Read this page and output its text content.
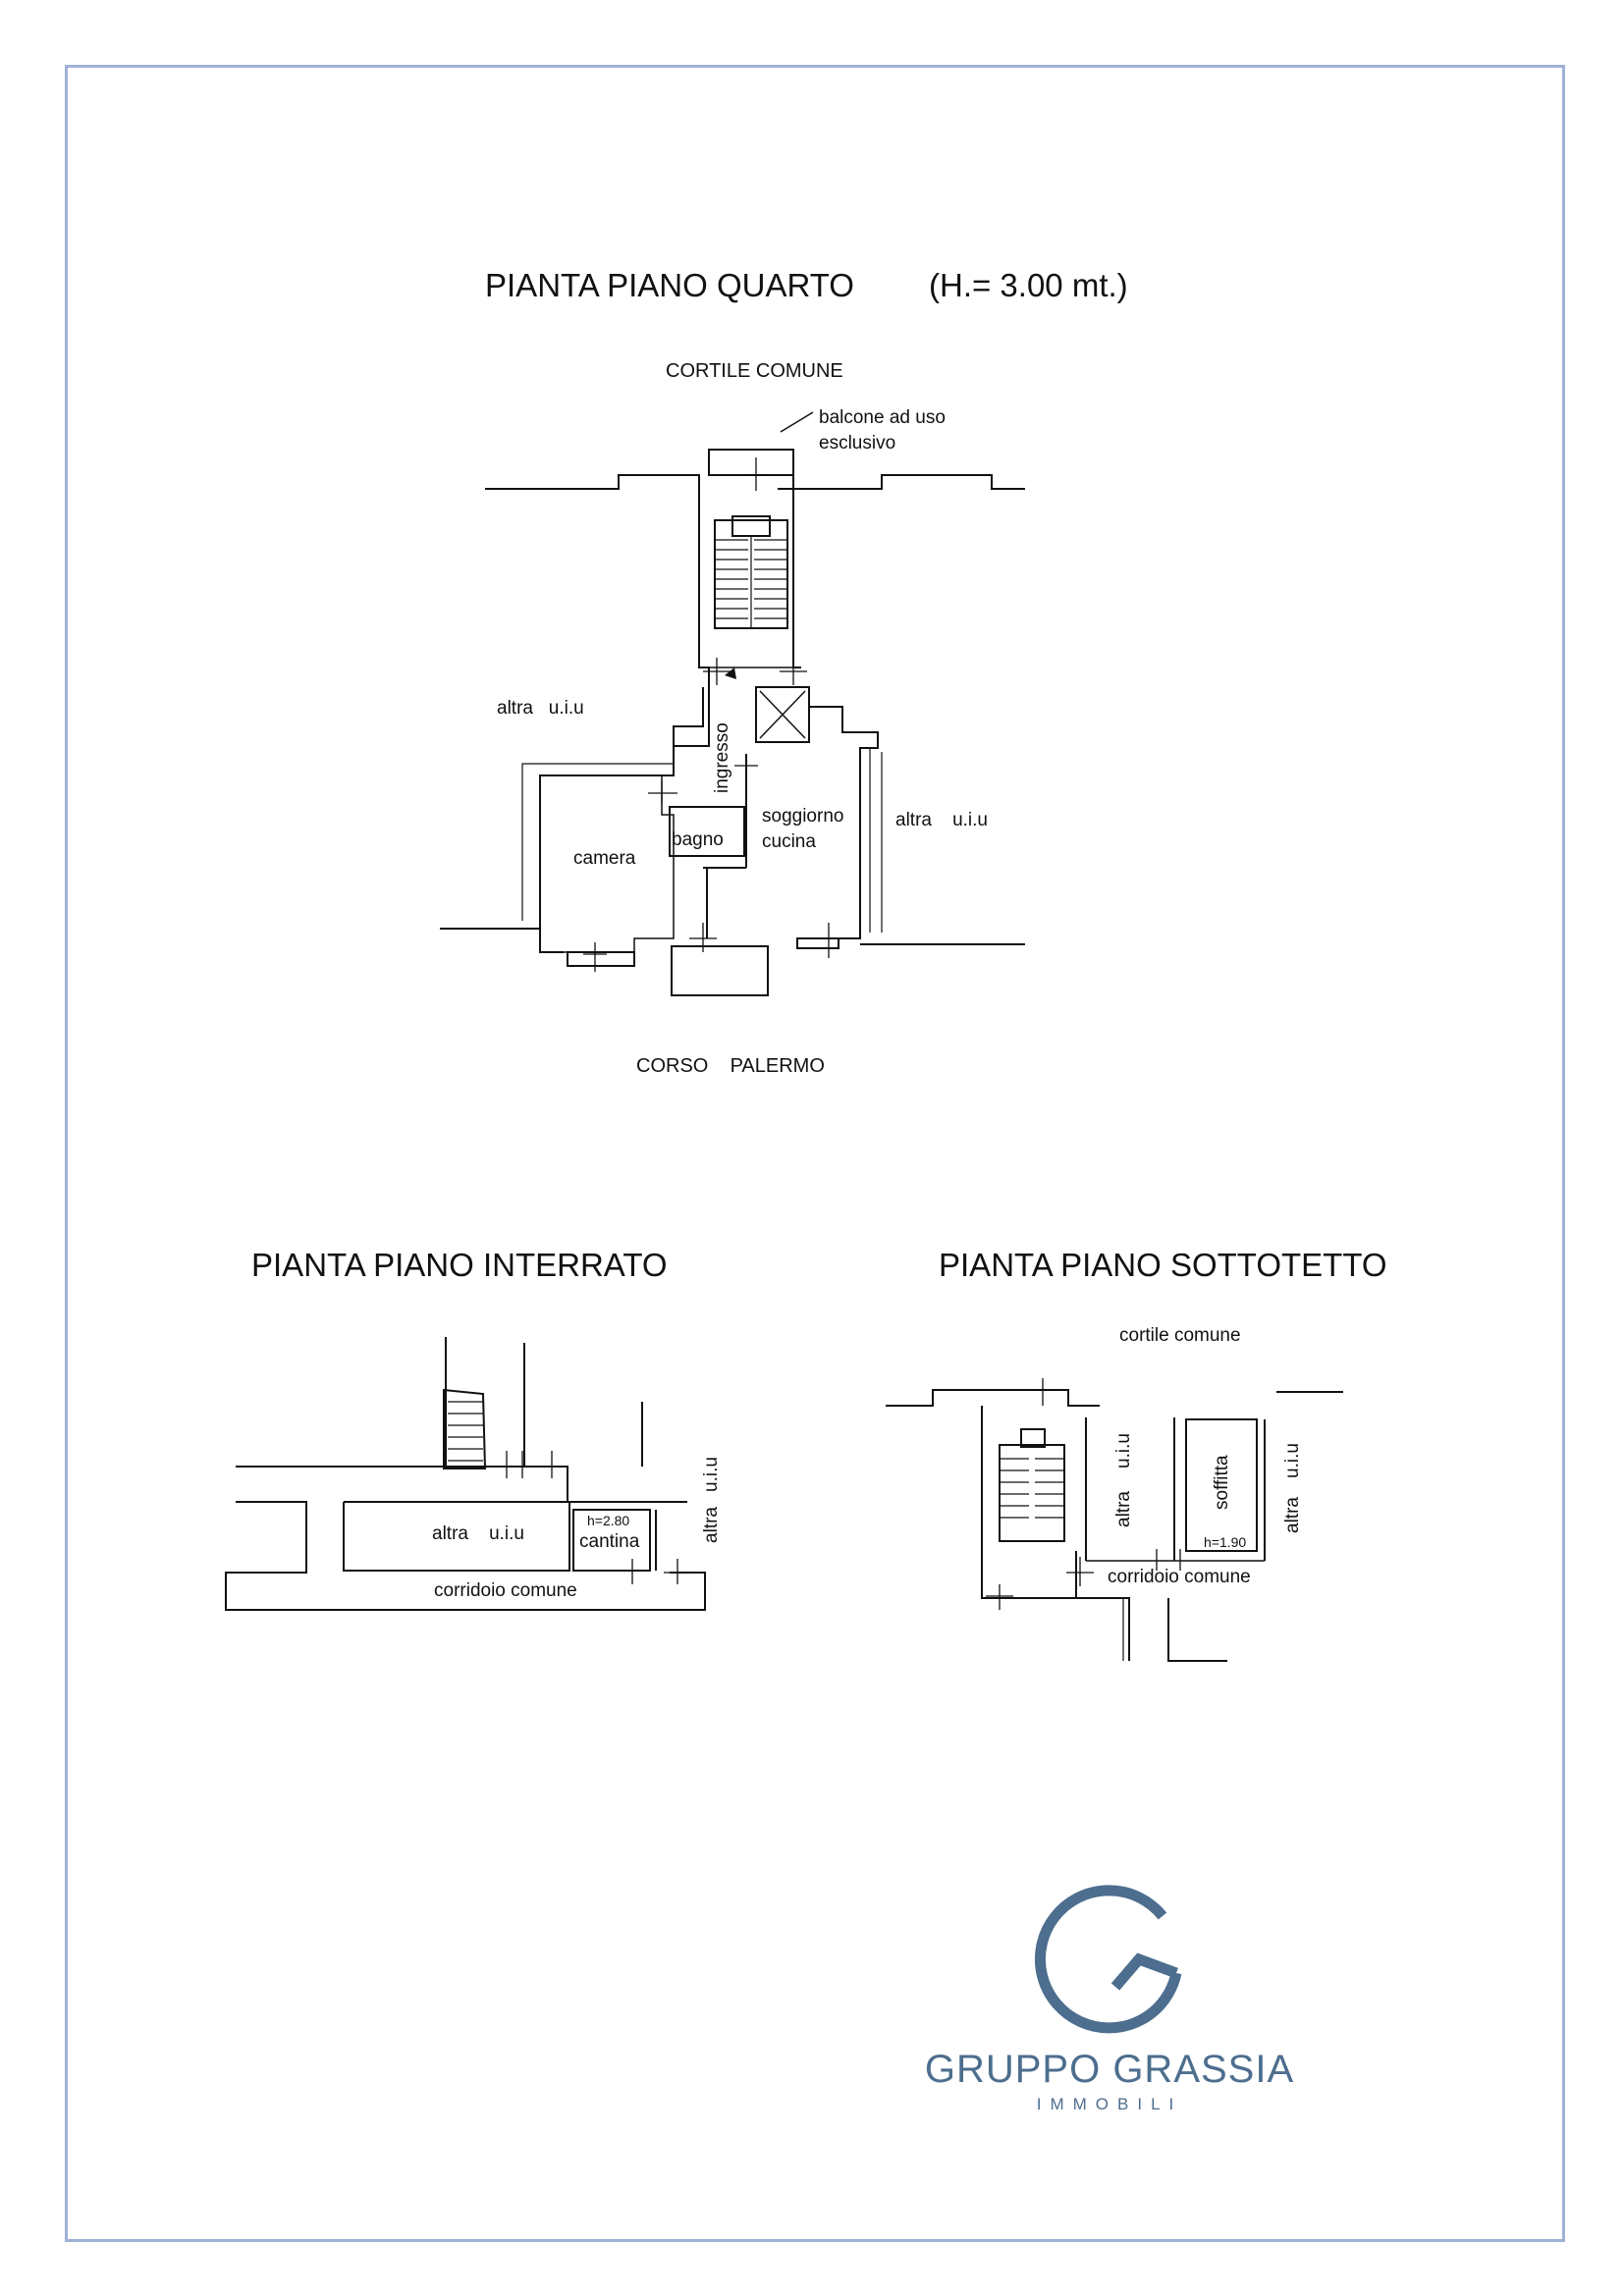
PIANTA PIANO QUARTO (H.= 3.00 mt.)
PIANTA PIANO INTERRATO	PIANTA PIANO SOTTOTETTO
CORTILE COMUNE
balcone ad uso
esclusivo
altra   u.i.u
altra    u.i.u
ingresso
camera
bagno
soggiorno
cucina
CORSO    PALERMO
altra    u.i.u
h=2.80
cantina
u.i.u
altra
corridoio comune
cortile comune
u.i.u
altra	soffitta	u.i.u
altra
h=1.90
corridoio comune
GRUPPO GRASSIA
IMMOBILI
